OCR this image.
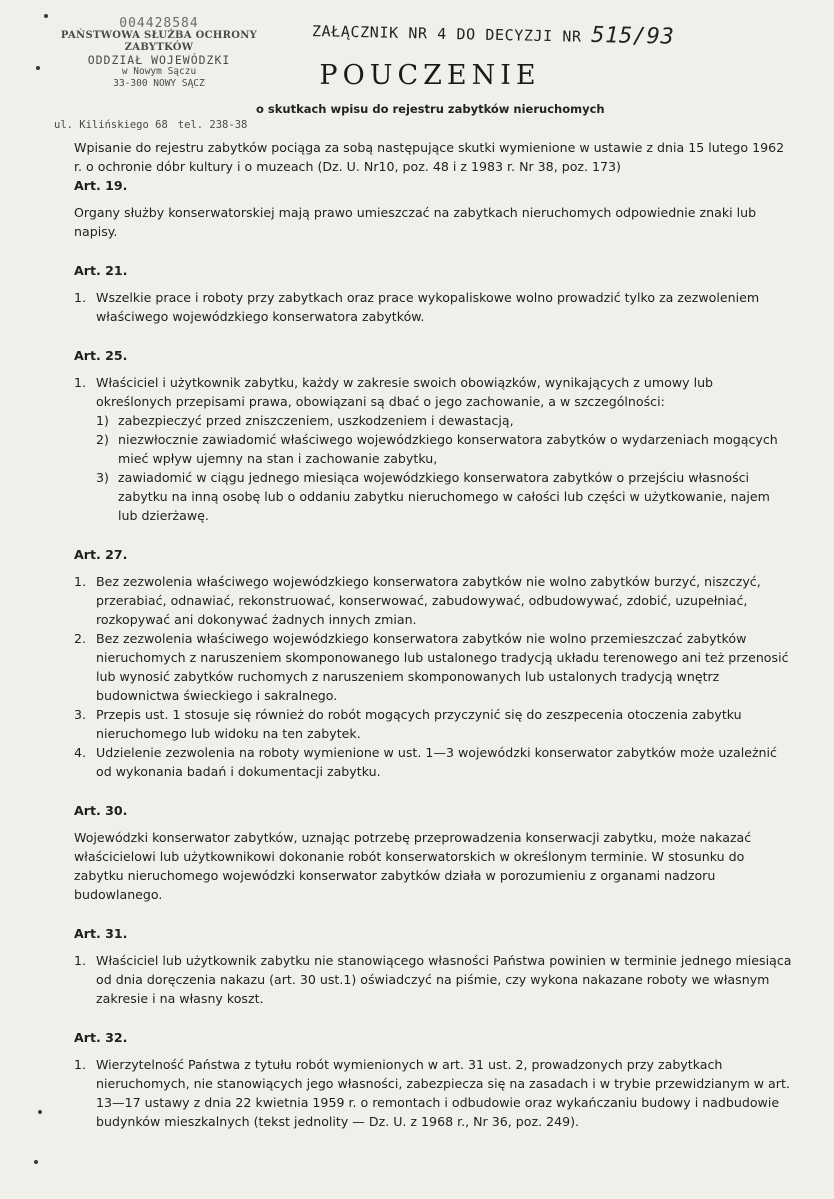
004428584
PAŃSTWOWA SŁUŻBA OCHRONY ZABYTKÓW
ODDZIAŁ WOJEWÓDZKI
w Nowym Sączu
33-300 NOWY SĄCZ
ul. Kilińskiego 68 tel. 238-38
ZAŁĄCZNIK NR 4 DO DECYZJI NR 515/93
POUCZENIE
o skutkach wpisu do rejestru zabytków nieruchomych

Wpisanie do rejestru zabytków pociąga za sobą następujące skutki wymienione w ustawie z dnia 15 lutego 1962 r. o ochronie dóbr kultury i o muzeach (Dz. U. Nr10, poz. 48 i z 1983 r. Nr 38, poz. 173)

Art. 19.

Organy służby konserwatorskiej mają prawo umieszczać na zabytkach nieruchomych odpowiednie znaki lub napisy.

Art. 21.
1. Wszelkie prace i roboty przy zabytkach oraz prace wykopaliskowe wolno prowadzić tylko za zezwoleniem właściwego wojewódzkiego konserwatora zabytków.
Art. 25.
1. Właściciel i użytkownik zabytku, każdy w zakresie swoich obowiązków, wynikających z umowy lub określonych przepisami prawa, obowiązani są dbać o jego zachowanie, a w szczególności:
1) zabezpieczyć przed zniszczeniem, uszkodzeniem i dewastacją,
2) niezwłocznie zawiadomić właściwego wojewódzkiego konserwatora zabytków o wydarzeniach mogących mieć wpływ ujemny na stan i zachowanie zabytku,
3) zawiadomić w ciągu jednego miesiąca wojewódzkiego konserwatora zabytków o przejściu własności zabytku na inną osobę lub o oddaniu zabytku nieruchomego w całości lub części w użytkowanie, najem lub dzierżawę.
Art. 27.
1. Bez zezwolenia właściwego wojewódzkiego konserwatora zabytków nie wolno zabytków burzyć, niszczyć, przerabiać, odnawiać, rekonstruować, konserwować, zabudowywać, odbudowywać, zdobić, uzupełniać, rozkopywać ani dokonywać żadnych innych zmian.
2. Bez zezwolenia właściwego wojewódzkiego konserwatora zabytków nie wolno przemieszczać zabytków nieruchomych z naruszeniem skomponowanego lub ustalonego tradycją układu terenowego ani też przenosić lub wynosić zabytków ruchomych z naruszeniem skomponowanych lub ustalonych tradycją wnętrz budownictwa świeckiego i sakralnego.
3. Przepis ust. 1 stosuje się również do robót mogących przyczynić się do zeszpecenia otoczenia zabytku nieruchomego lub widoku na ten zabytek.
4. Udzielenie zezwolenia na roboty wymienione w ust. 1—3 wojewódzki konserwator zabytków może uzależnić od wykonania badań i dokumentacji zabytku.
Art. 30.

Wojewódzki konserwator zabytków, uznając potrzebę przeprowadzenia konserwacji zabytku, może nakazać właścicielowi lub użytkownikowi dokonanie robót konserwatorskich w określonym terminie. W stosunku do zabytku nieruchomego wojewódzki konserwator zabytków działa w porozumieniu z organami nadzoru budowlanego.

Art. 31.
1. Właściciel lub użytkownik zabytku nie stanowiącego własności Państwa powinien w terminie jednego miesiąca od dnia doręczenia nakazu (art. 30 ust.1) oświadczyć na piśmie, czy wykona nakazane roboty we własnym zakresie i na własny koszt.
Art. 32.
1. Wierzytelność Państwa z tytułu robót wymienionych w art. 31 ust. 2, prowadzonych przy zabytkach nieruchomych, nie stanowiących jego własności, zabezpiecza się na zasadach i w trybie przewidzianym w art. 13—17 ustawy z dnia 22 kwietnia 1959 r. o remontach i odbudowie oraz wykańczaniu budowy i nadbudowie budynków mieszkalnych (tekst jednolity — Dz. U. z 1968 r., Nr 36, poz. 249).
